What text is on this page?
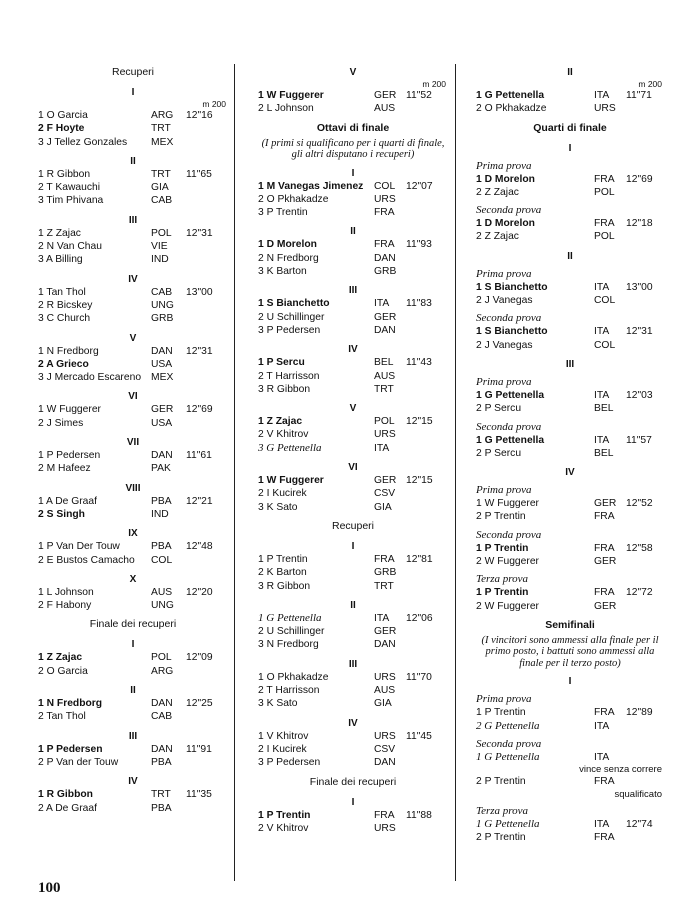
Recuperi
I
m 200
1 O Garcia	ARG 12"16
2 F Hoyte	TRT
3 J Tellez Gonzales MEX
II
1 R Gibbon	TRT 11"65
2 T Kawauchi	GIA
3 Tim Phivana	CAB
III
1 Z Zajac	POL 12"31
2 N Van Chau	VIE
3 A Billing	IND
IV
1 Tan Thol	CAB 13"00
2 R Bicskey	UNG
3 C Church	GRB
V
1 N Fredborg	DAN 12"31
2 A Grieco	USA
3 J Mercado Escareno MEX
VI
1 W Fuggerer	GER 12"69
2 J Simes	USA
VII
1 P Pedersen	DAN 11"61
2 M Hafeez	PAK
VIII
1 A De Graaf	PBA 12"21
2 S Singh	IND
IX
1 P Van Der Touw	PBA 12"48
2 E Bustos Camacho COL
X
1 L Johnson	AUS 12"20
2 F Habony	UNG
Finale dei recuperi
I
1 Z Zajac	POL 12"09
2 O Garcia	ARG
II
1 N Fredborg	DAN 12"25
2 Tan Thol	CAB
III
1 P Pedersen	DAN 11"91
2 P Van der Touw	PBA
IV
1 R Gibbon	TRT 11"35
2 A De Graaf	PBA
V
m 200
1 W Fuggerer	GER 11"52
2 L Johnson	AUS
Ottavi di finale
(I primi si qualificano per i quarti di finale, gli altri disputano i recuperi)
I
1 M Vanegas Jimenez COL 12"07
2 O Pkhakadze	URS
3 P Trentin	FRA
II
1 D Morelon	FRA 11"93
2 N Fredborg	DAN
3 K Barton	GRB
III
1 S Bianchetto	ITA 11"83
2 U Schillinger	GER
3 P Pedersen	DAN
IV
1 P Sercu	BEL 11"43
2 T Harrisson	AUS
3 R Gibbon	TRT
V
1 Z Zajac	POL 12"15
2 V Khitrov	URS
3 G Pettenella	ITA
VI
1 W Fuggerer	GER 12"15
2 I Kucirek	CSV
3 K Sato	GIA
Recuperi
I
1 P Trentin	FRA 12"81
2 K Barton	GRB
3 R Gibbon	TRT
II
1 G Pettenella	ITA 12"06
2 U Schillinger	GER
3 N Fredborg	DAN
III
1 O Pkhakadze	URS 11"70
2 T Harrisson	AUS
3 K Sato	GIA
IV
1 V Khitrov	URS 11"45
2 I Kucirek	CSV
3 P Pedersen	DAN
Finale dei recuperi
I
1 P Trentin	FRA 11"88
2 V Khitrov	URS
II
m 200
1 G Pettenella	ITA 11"71
2 O Pkhakadze	URS
Quarti di finale
I
Prima prova
1 D Morelon	FRA 12"69
2 Z Zajac	POL
Seconda prova
1 D Morelon	FRA 12"18
2 Z Zajac	POL
II
Prima prova
1 S Bianchetto	ITA 13"00
2 J Vanegas	COL
Seconda prova
1 S Bianchetto	ITA 12"31
2 J Vanegas	COL
III
Prima prova
1 G Pettenella	ITA 12"03
2 P Sercu	BEL
Seconda prova
1 G Pettenella	ITA 11"57
2 P Sercu	BEL
IV
Prima prova
1 W Fuggerer	GER 12"52
2 P Trentin	FRA
Seconda prova
1 P Trentin	FRA 12"58
2 W Fuggerer	GER
Terza prova
1 P Trentin	FRA 12"72
2 W Fuggerer	GER
Semifinali
(I vincitori sono ammessi alla finale per il primo posto, i battuti sono ammessi alla finale per il terzo posto)
I
Prima prova
1 P Trentin	FRA 12"89
2 G Pettenella	ITA
Seconda prova
1 G Pettenella	ITA
vince senza correre
2 P Trentin	FRA
squalificato
Terza prova
1 G Pettenella	ITA 12"74
2 P Trentin	FRA
100
